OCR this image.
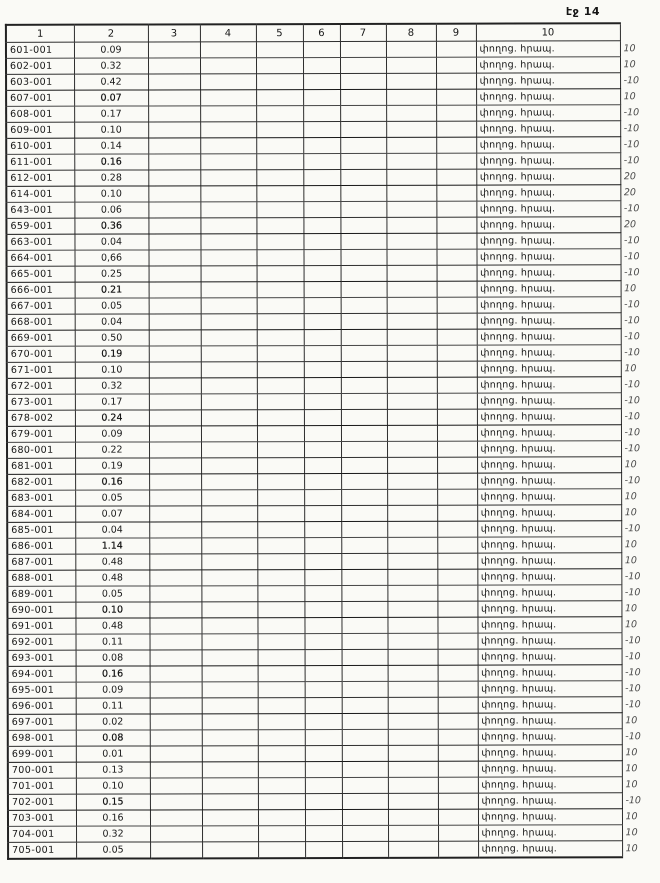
էջ 14
1	2	3	4	5	6	7	8	9	10	
601-001	0.09								փողոց. հրապ.	10
602-001	0.32								փողոց. հրապ.	10
603-001	0.42								փողոց. հրապ.	-10
607-001	0.07								փողոց. հրապ.	10
608-001	0.17								փողոց. հրապ.	-10
609-001	0.10								փողոց. հրապ.	-10
610-001	0.14								փողոց. հրապ.	-10
611-001	0.16								փողոց. հրապ.	-10
612-001	0.28								փողոց. հրապ.	20
614-001	0.10								փողոց. հրապ.	20
643-001	0.06								փողոց. հրապ.	-10
659-001	0.36								փողոց. հրապ.	20
663-001	0.04								փողոց. հրապ.	-10
664-001	0,66								փողոց. հրապ.	-10
665-001	0.25								փողոց. հրապ.	-10
666-001	0.21								փողոց. հրապ.	10
667-001	0.05								փողոց. հրապ.	-10
668-001	0.04								փողոց. հրապ.	-10
669-001	0.50								փողոց. հրապ.	-10
670-001	0.19								փողոց. հրապ.	-10
671-001	0.10								փողոց. հրապ.	10
672-001	0.32								փողոց. հրապ.	-10
673-001	0.17								փողոց. հրապ.	-10
678-002	0.24								փողոց. հրապ.	-10
679-001	0.09								փողոց. հրապ.	-10
680-001	0.22								փողոց. հրապ.	-10
681-001	0.19								փողոց. հրապ.	10
682-001	0.16								փողոց. հրապ.	-10
683-001	0.05								փողոց. հրապ.	10
684-001	0.07								փողոց. հրապ.	10
685-001	0.04								փողոց. հրապ.	-10
686-001	1.14								փողոց. հրապ.	10
687-001	0.48								փողոց. հրապ.	10
688-001	0.48								փողոց. հրապ.	-10
689-001	0.05								փողոց. հրապ.	-10
690-001	0.10								փողոց. հրապ.	10
691-001	0.48								փողոց. հրապ.	10
692-001	0.11								փողոց. հրապ.	-10
693-001	0.08								փողոց. հրապ.	-10
694-001	0.16								փողոց. հրապ.	-10
695-001	0.09								փողոց. հրապ.	-10
696-001	0.11								փողոց. հրապ.	-10
697-001	0.02								փողոց. հրապ.	10
698-001	0.08								փողոց. հրապ.	-10
699-001	0.01								փողոց. հրապ.	10
700-001	0.13								փողոց. հրապ.	10
701-001	0.10								փողոց. հրապ.	10
702-001	0.15								փողոց. հրապ.	-10
703-001	0.16								փողոց. հրապ.	10
704-001	0.32								փողոց. հրապ.	10
705-001	0.05								փողոց. հրապ.	10
